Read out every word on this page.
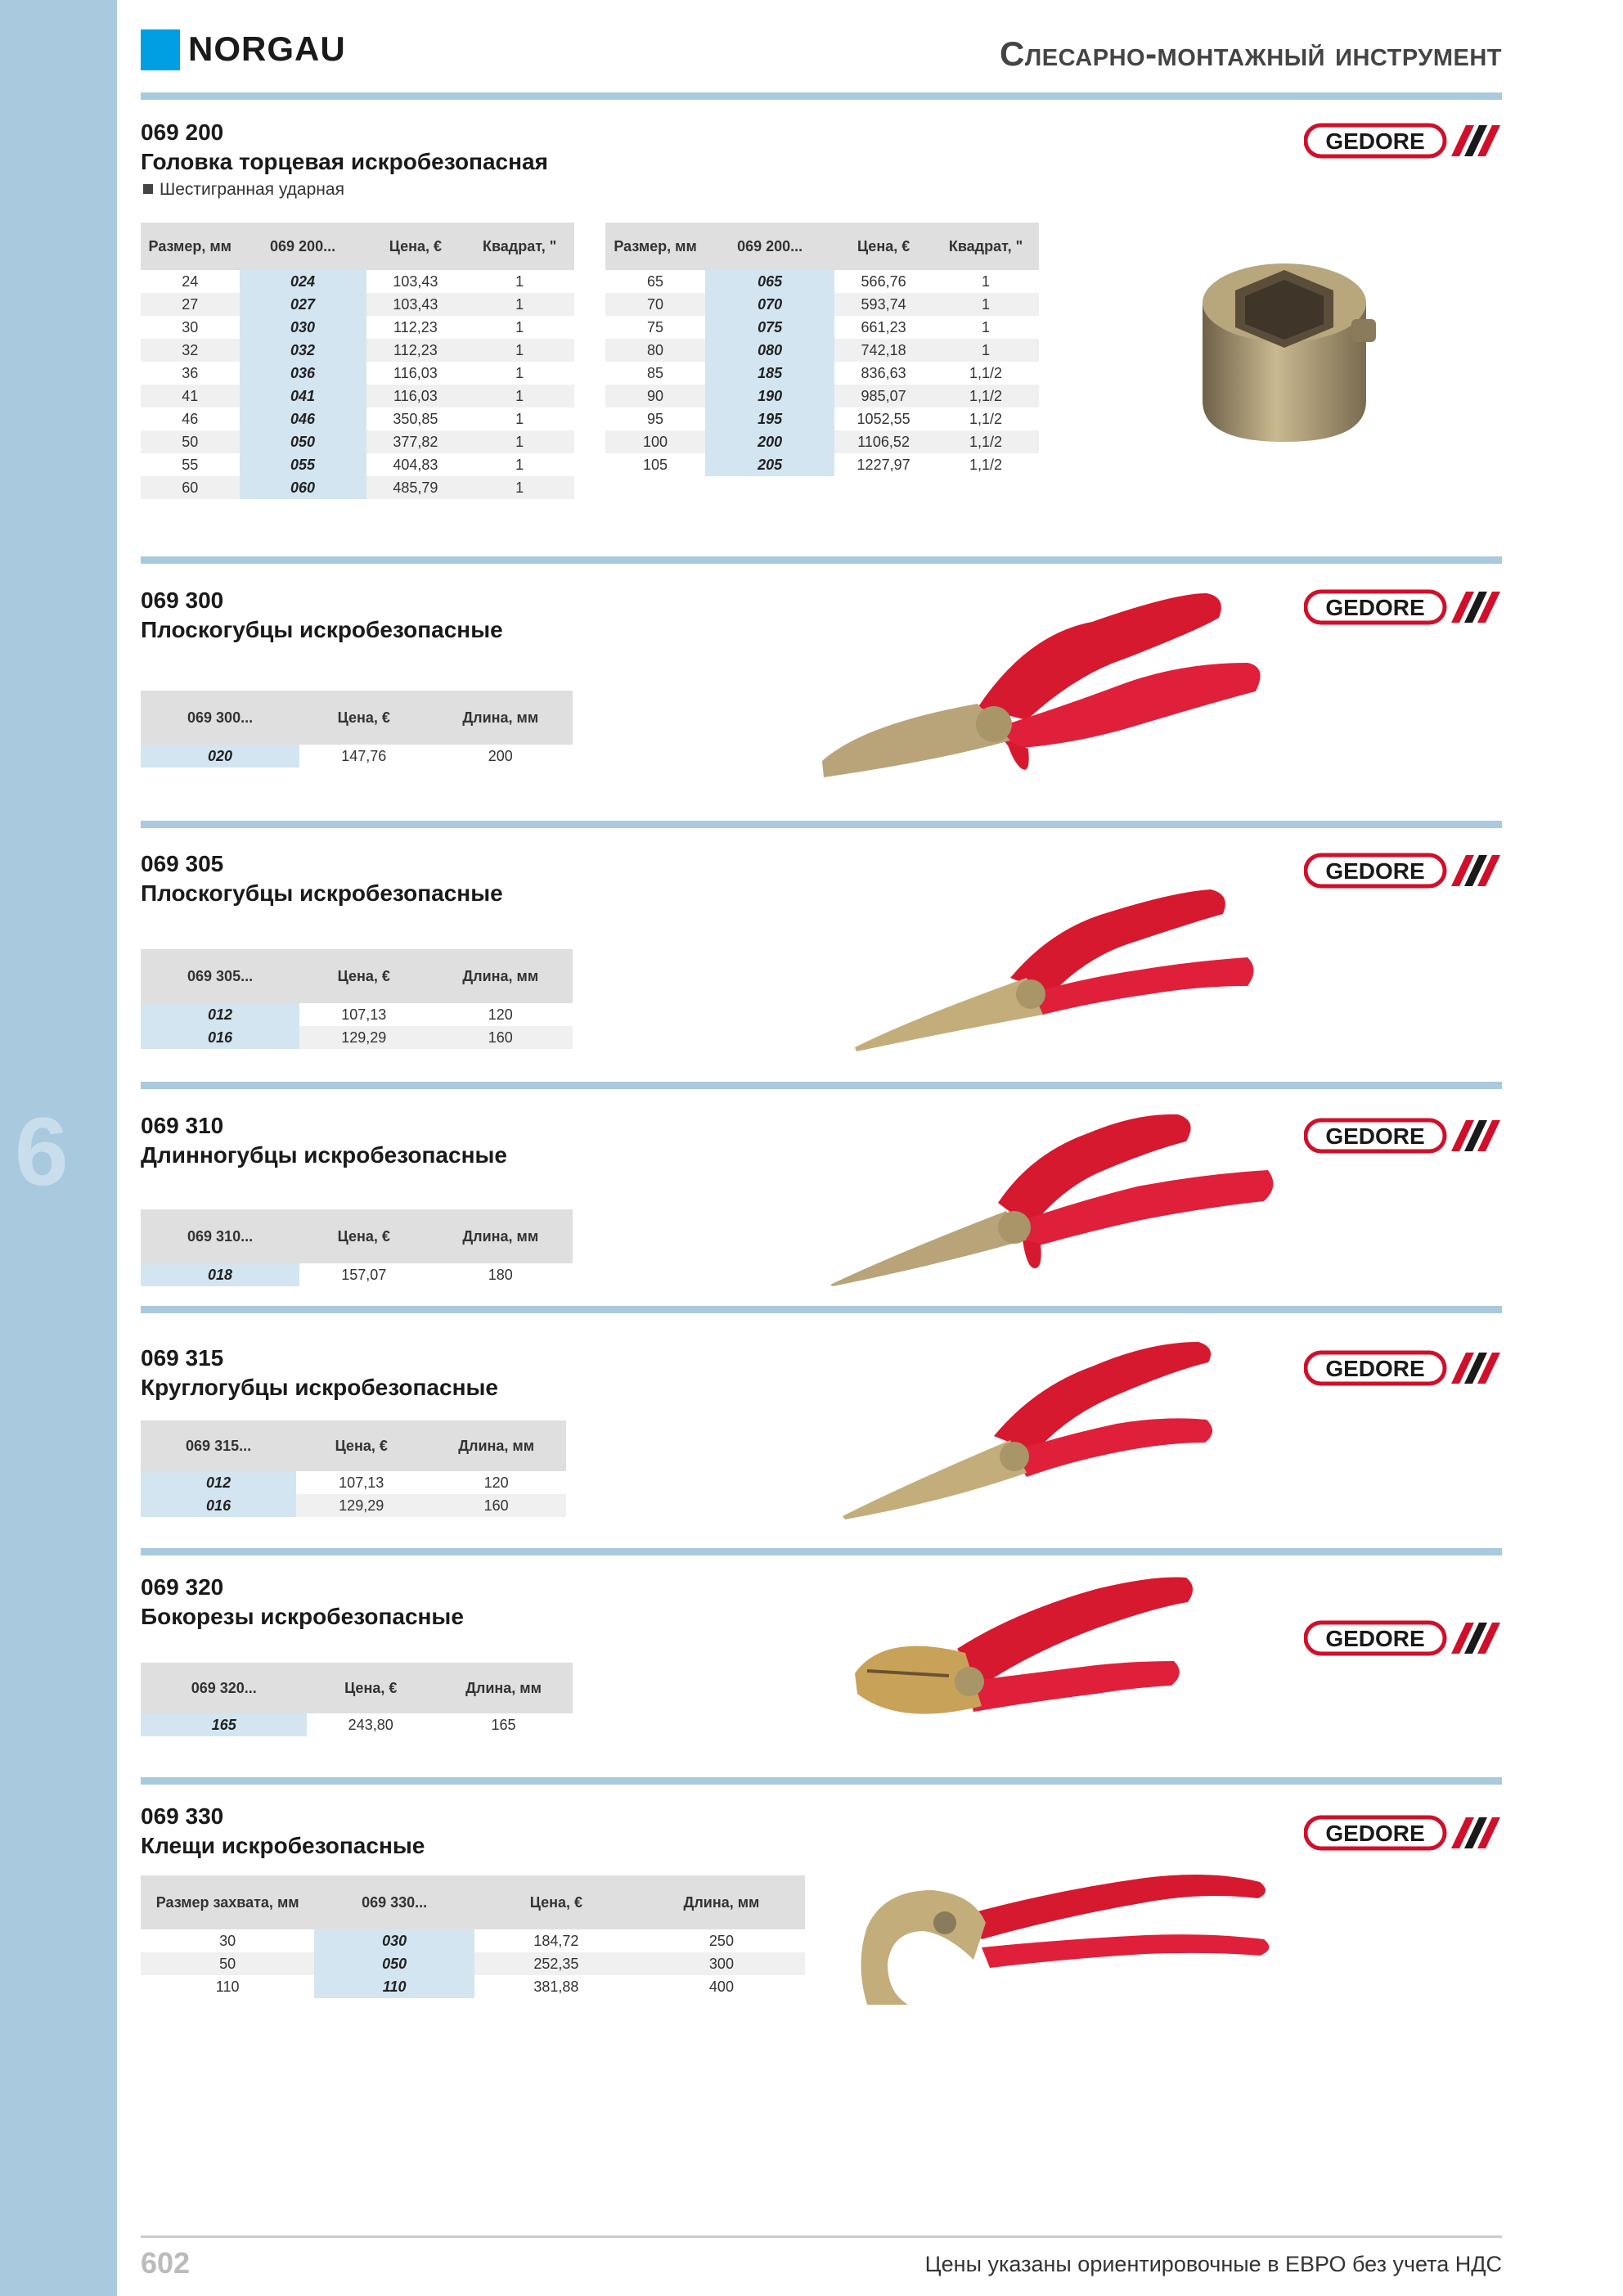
6
NORGAU	Слесарно-монтажный инструмент
069 200
Головка торцевая искробезопасная
Шестигранная ударная
Размер, мм	069 200...	Цена, €	Квадрат, "
24	024	103,43	1
27	027	103,43	1
30	030	112,23	1
32	032	112,23	1
36	036	116,03	1
41	041	116,03	1
46	046	350,85	1
50	050	377,82	1
55	055	404,83	1
60	060	485,79	1
Размер, мм	069 200...	Цена, €	Квадрат, "
65	065	566,76	1
70	070	593,74	1
75	075	661,23	1
80	080	742,18	1
85	185	836,63	1,1/2
90	190	985,07	1,1/2
95	195	1052,55	1,1/2
100	200	1106,52	1,1/2
105	205	1227,97	1,1/2
069 300
Плоскогубцы искробезопасные
069 300...	Цена, €	Длина, мм
020	147,76	200
069 305
Плоскогубцы искробезопасные
069 305...	Цена, €	Длина, мм
012	107,13	120
016	129,29	160
069 310
Длинногубцы искробезопасные
069 310...	Цена, €	Длина, мм
018	157,07	180
069 315
Круглогубцы искробезопасные
069 315...	Цена, €	Длина, мм
012	107,13	120
016	129,29	160
069 320
Бокорезы искробезопасные
069 320...	Цена, €	Длина, мм
165	243,80	165
069 330
Клещи искробезопасные
Размер захвата, мм	069 330...	Цена, €	Длина, мм
30	030	184,72	250
50	050	252,35	300
110	110	381,88	400
GEDORE
GEDORE
GEDORE
GEDORE
GEDORE
GEDORE
GEDORE
602	Цены указаны ориентировочные в ЕВРО без учета НДС
